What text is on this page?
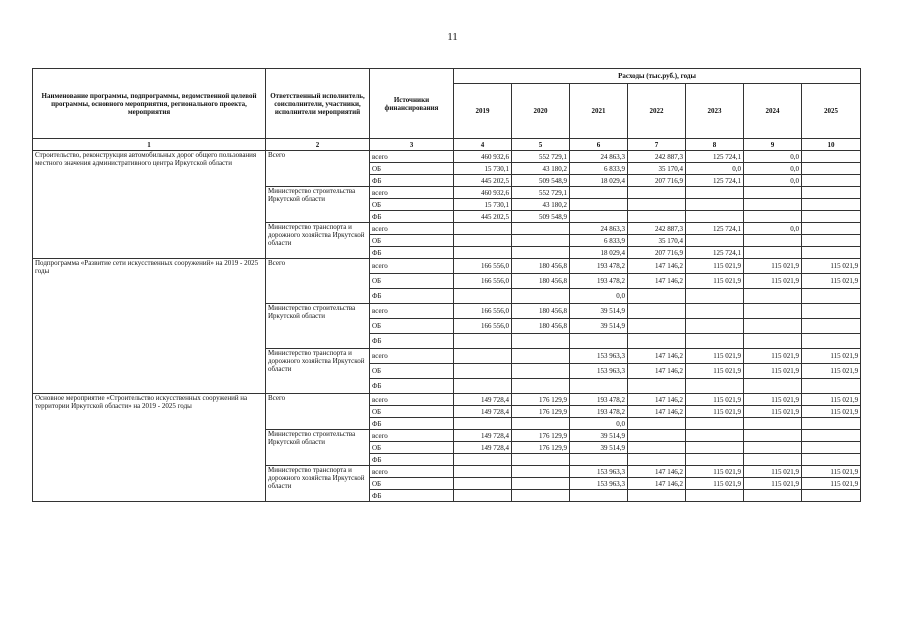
11
Наименование программы, подпрограммы, ведомственной целевой программы, основного мероприятия, регионального проекта, мероприятия	Ответственный исполнитель, соисполнители, участники, исполнители мероприятий	Источники финансирования	Расходы (тыс.руб.), годы						
			2019	2020	2021	2022	2023	2024	2025
1	2	3	4	5	6	7	8	9	10
Строительство, реконструкция автомобильных дорог общего пользования местного значения административного центра Иркутской области	Всего	всего	460 932,6	552 729,1	24 863,3	242 887,3	125 724,1	0,0	
		ОБ	15 730,1	43 180,2	6 833,9	35 170,4	0,0	0,0	
		ФБ	445 202,5	509 548,9	18 029,4	207 716,9	125 724,1	0,0	
	Министерство строительства Иркутской области	всего	460 932,6	552 729,1					
		ОБ	15 730,1	43 180,2					
		ФБ	445 202,5	509 548,9					
	Министерство транспорта и дорожного хозяйства Иркутской области	всего			24 863,3	242 887,3	125 724,1	0,0	
		ОБ			6 833,9	35 170,4			
		ФБ			18 029,4	207 716,9	125 724,1		
Подпрограмма «Развитие сети искусственных сооружений» на 2019 - 2025 годы	Всего	всего	166 556,0	180 456,8	193 478,2	147 146,2	115 021,9	115 021,9	115 021,9
		ОБ	166 556,0	180 456,8	193 478,2	147 146,2	115 021,9	115 021,9	115 021,9
		ФБ			0,0				
	Министерство строительства Иркутской области	всего	166 556,0	180 456,8	39 514,9				
		ОБ	166 556,0	180 456,8	39 514,9				
		ФБ							
	Министерство транспорта и дорожного хозяйства Иркутской области	всего			153 963,3	147 146,2	115 021,9	115 021,9	115 021,9
		ОБ			153 963,3	147 146,2	115 021,9	115 021,9	115 021,9
		ФБ							
Основное мероприятие «Строительство искусственных сооружений на территории Иркутской области» на 2019 - 2025 годы	Всего	всего	149 728,4	176 129,9	193 478,2	147 146,2	115 021,9	115 021,9	115 021,9
		ОБ	149 728,4	176 129,9	193 478,2	147 146,2	115 021,9	115 021,9	115 021,9
		ФБ			0,0				
	Министерство строительства Иркутской области	всего	149 728,4	176 129,9	39 514,9				
		ОБ	149 728,4	176 129,9	39 514,9				
		ФБ							
	Министерство транспорта и дорожного хозяйства Иркутской области	всего			153 963,3	147 146,2	115 021,9	115 021,9	115 021,9
		ОБ			153 963,3	147 146,2	115 021,9	115 021,9	115 021,9
		ФБ							
